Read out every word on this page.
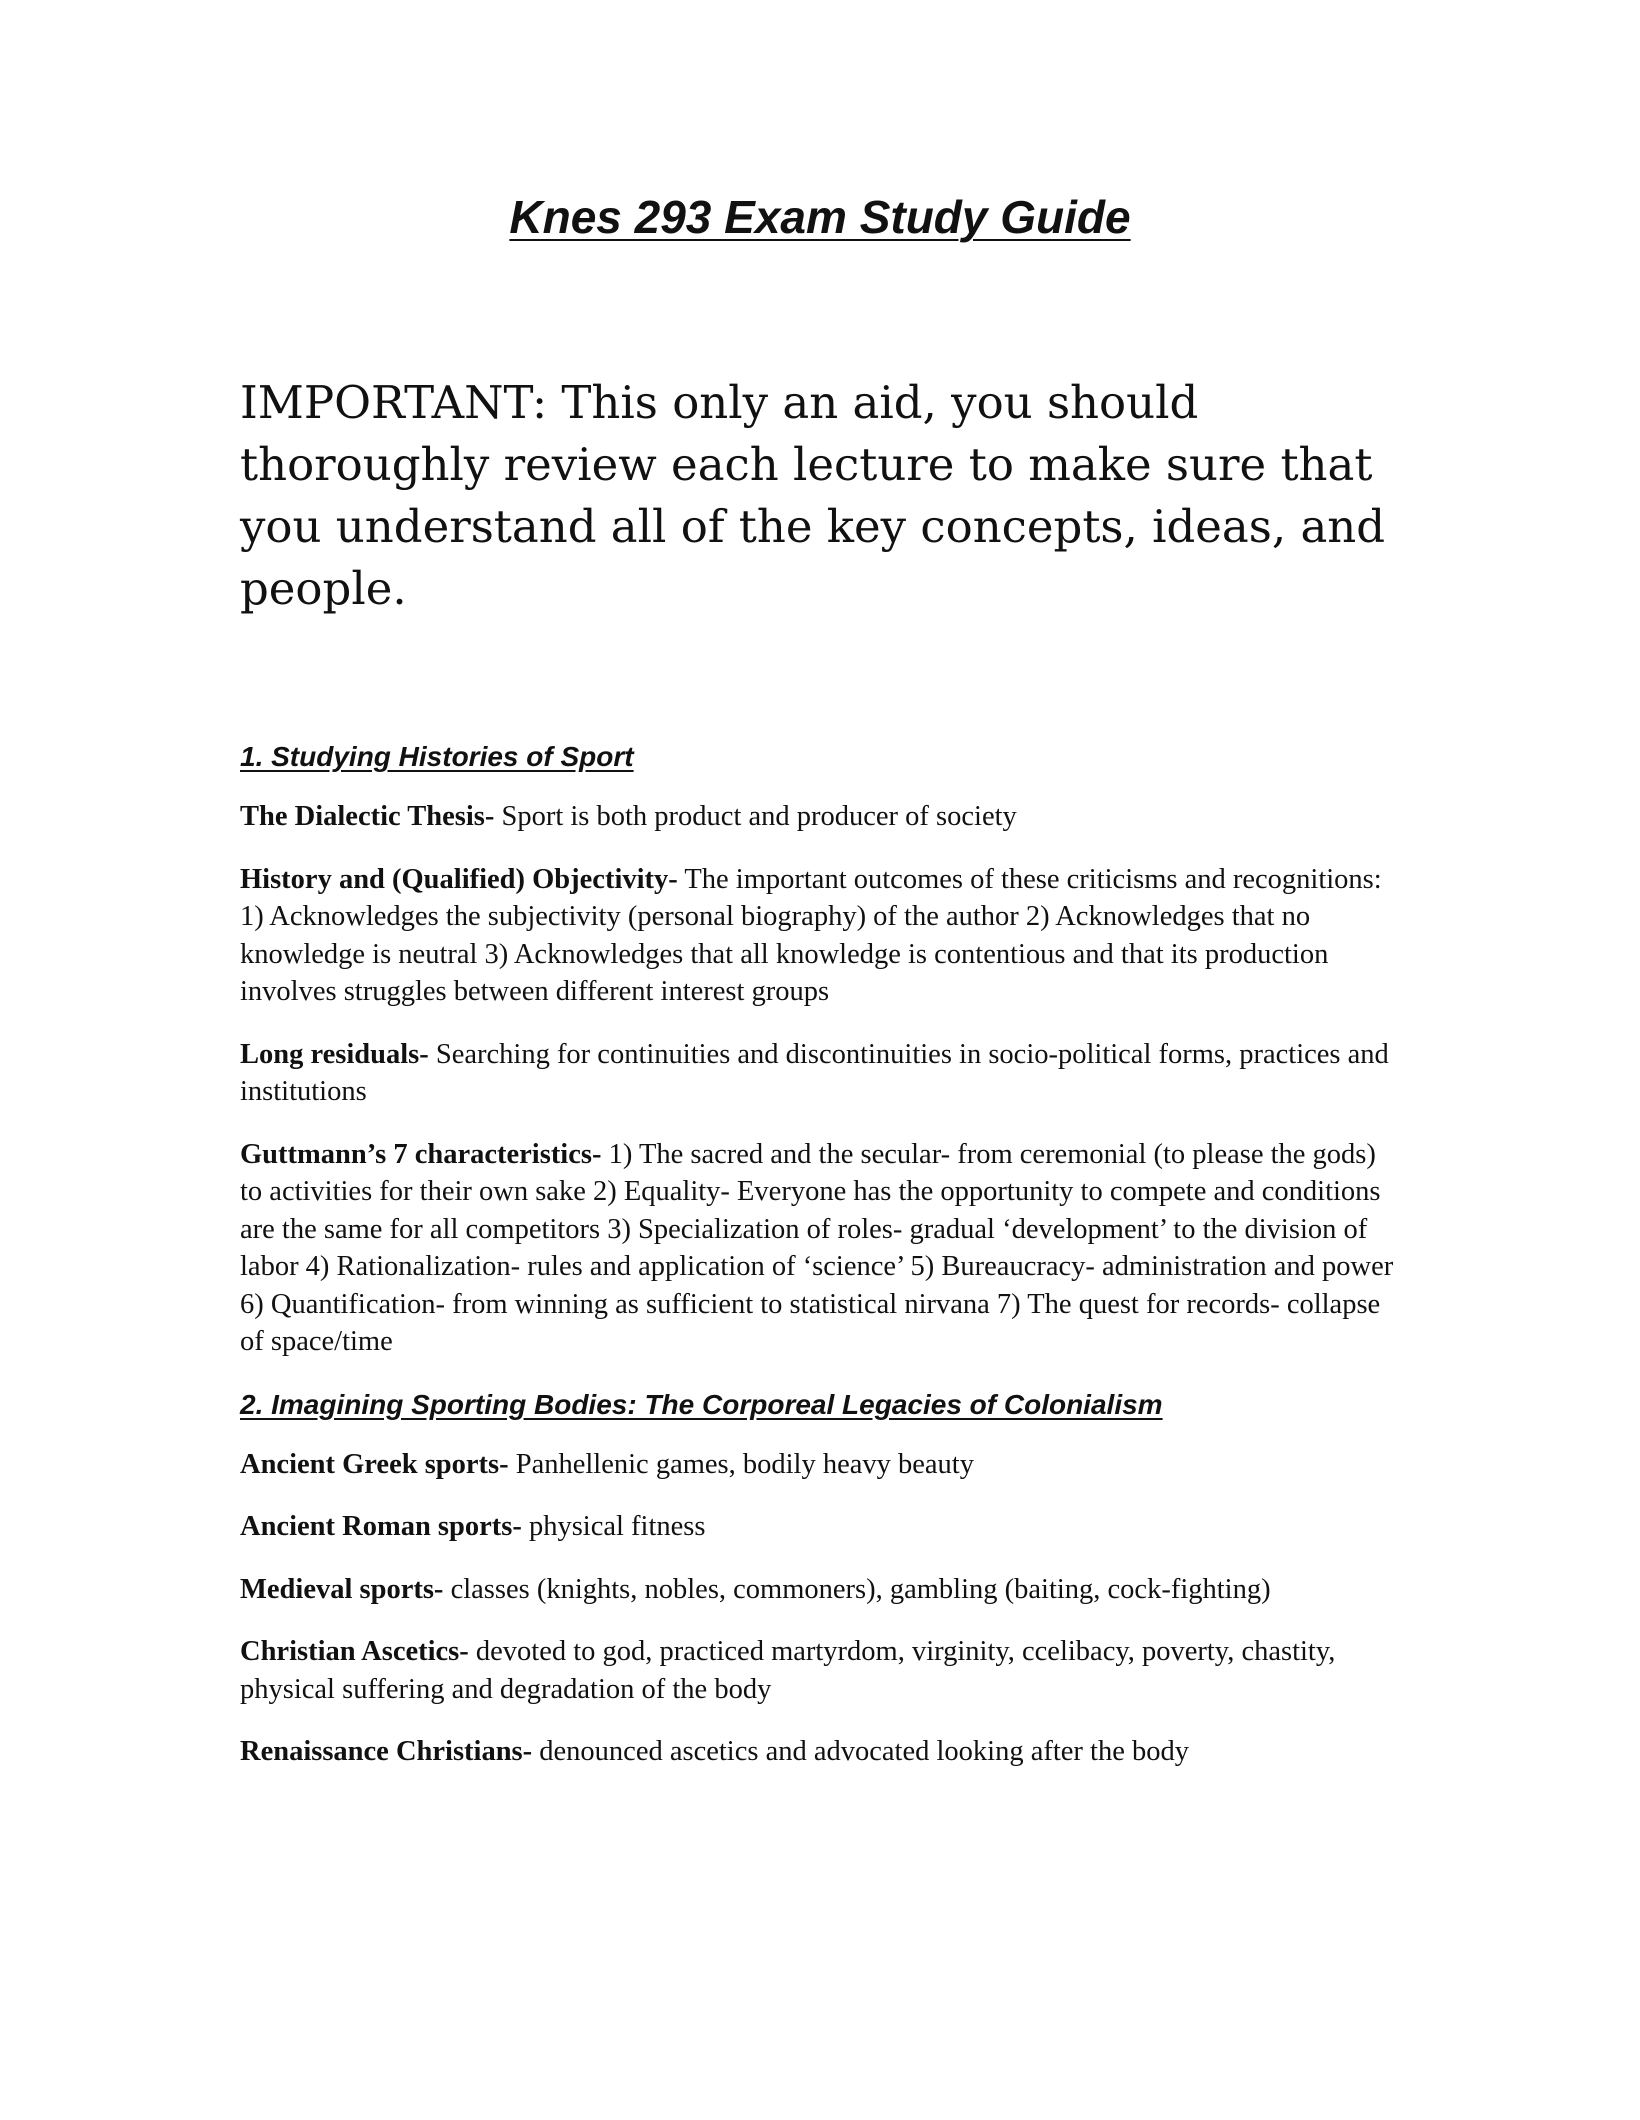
Knes 293 Exam Study Guide

IMPORTANT: This only an aid, you should thoroughly review each lecture to make sure that you understand all of the key concepts, ideas, and people.

1. Studying Histories of Sport

The Dialectic Thesis- Sport is both product and producer of society

History and (Qualified) Objectivity- The important outcomes of these criticisms and recognitions: 1) Acknowledges the subjectivity (personal biography) of the author 2) Acknowledges that no knowledge is neutral 3) Acknowledges that all knowledge is contentious and that its production involves struggles between different interest groups

Long residuals- Searching for continuities and discontinuities in socio-political forms, practices and institutions

Guttmann’s 7 characteristics- 1) The sacred and the secular- from ceremonial (to please the gods) to activities for their own sake 2) Equality- Everyone has the opportunity to compete and conditions are the same for all competitors 3) Specialization of roles- gradual ‘development’ to the division of labor 4) Rationalization- rules and application of ‘science’ 5) Bureaucracy- administration and power 6) Quantification- from winning as sufficient to statistical nirvana 7) The quest for records- collapse of space/time

2. Imagining Sporting Bodies: The Corporeal Legacies of Colonialism

Ancient Greek sports- Panhellenic games, bodily heavy beauty

Ancient Roman sports- physical fitness

Medieval sports- classes (knights, nobles, commoners), gambling (baiting, cock-fighting)

Christian Ascetics- devoted to god, practiced martyrdom, virginity, ccelibacy, poverty, chastity, physical suffering and degradation of the body

Renaissance Christians- denounced ascetics and advocated looking after the body
